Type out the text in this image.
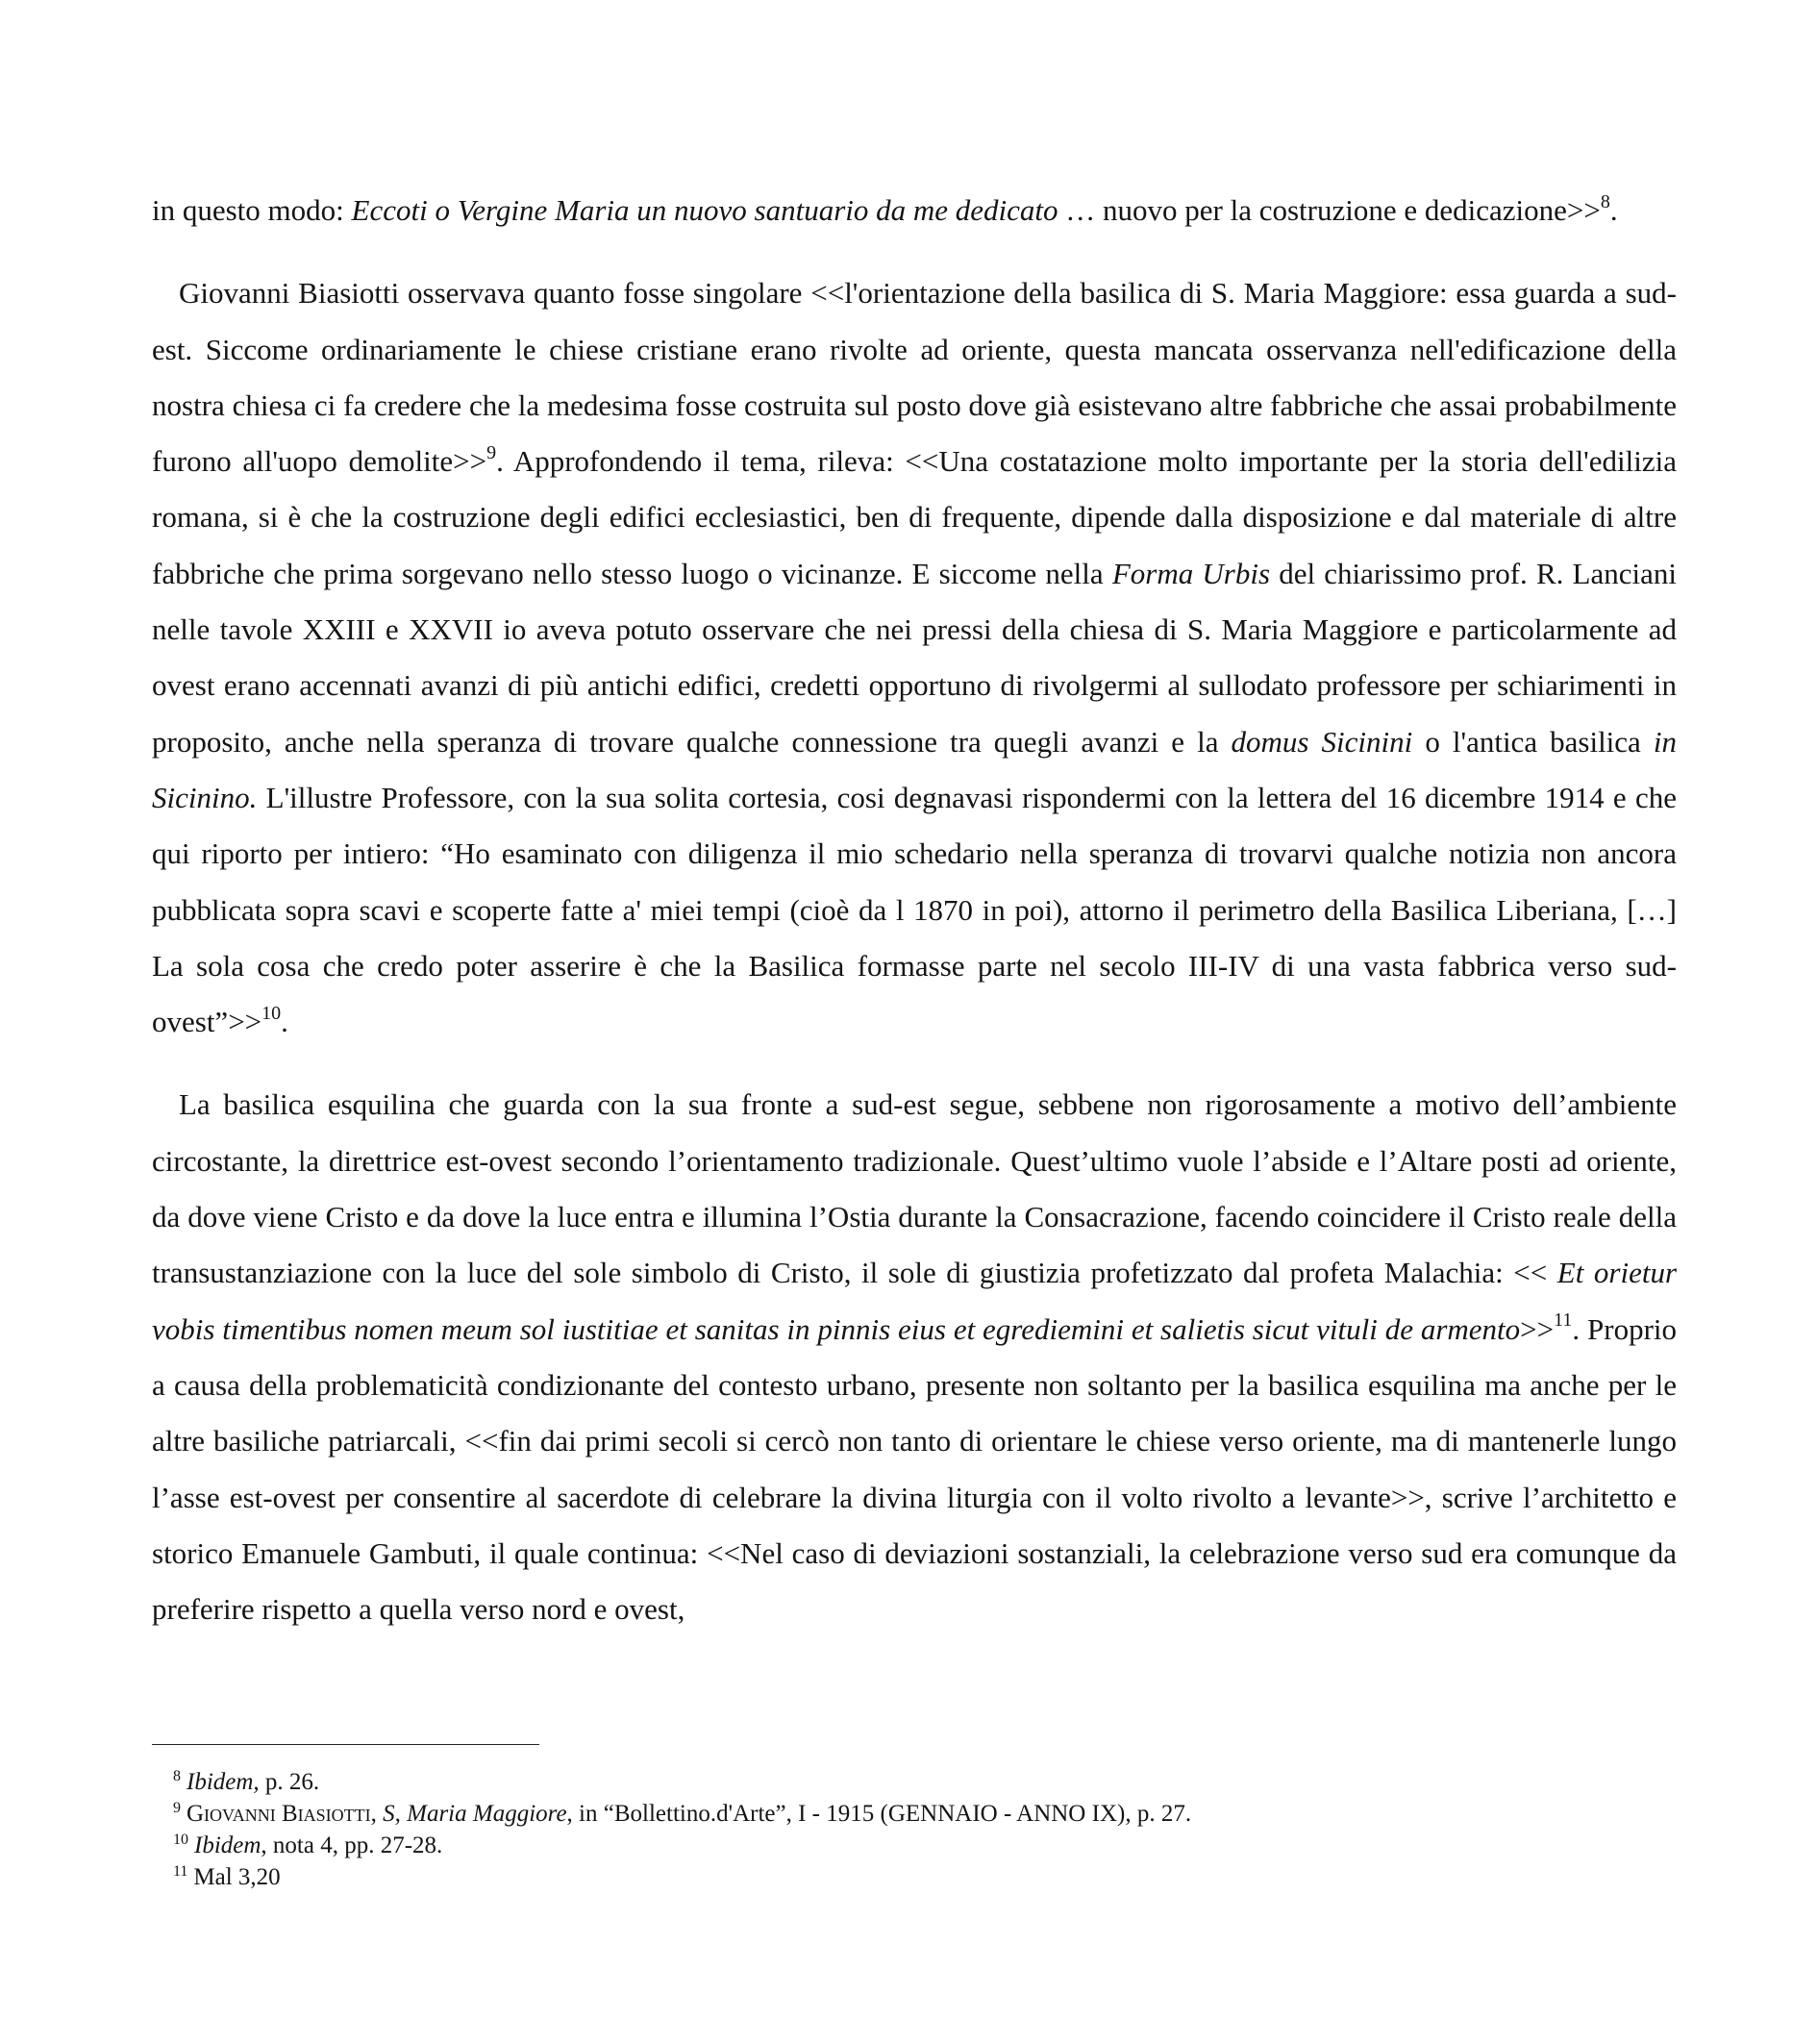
in questo modo: Eccoti o Vergine Maria un nuovo santuario da me dedicato … nuovo per la costruzione e dedicazione>>$^8$.

Giovanni Biasiotti osservava quanto fosse singolare <<l'orientazione della basilica di S. Maria Maggiore: essa guarda a sud-est. Siccome ordinariamente le chiese cristiane erano rivolte ad oriente, questa mancata osservanza nell'edificazione della nostra chiesa ci fa credere che la medesima fosse costruita sul posto dove già esistevano altre fabbriche che assai probabilmente furono all'uopo demolite>>$^9$. Approfondendo il tema, rileva: <<Una costatazione molto importante per la storia dell'edilizia romana, si è che la costruzione degli edifici ecclesiastici, ben di frequente, dipende dalla disposizione e dal materiale di altre fabbriche che prima sorgevano nello stesso luogo o vicinanze. E siccome nella Forma Urbis del chiarissimo prof. R. Lanciani nelle tavole XXIII e XXVII io aveva potuto osservare che nei pressi della chiesa di S. Maria Maggiore e particolarmente ad ovest erano accennati avanzi di più antichi edifici, credetti opportuno di rivolgermi al sullodato professore per schiarimenti in proposito, anche nella speranza di trovare qualche connessione tra quegli avanzi e la domus Sicinini o l'antica basilica in Sicinino. L'illustre Professore, con la sua solita cortesia, cosi degnavasi rispondermi con la lettera del 16 dicembre 1914 e che qui riporto per intiero: “Ho esaminato con diligenza il mio schedario nella speranza di trovarvi qualche notizia non ancora pubblicata sopra scavi e scoperte fatte a' miei tempi (cioè da l 1870 in poi), attorno il perimetro della Basilica Liberiana, […] La sola cosa che credo poter asserire è che la Basilica formasse parte nel secolo III-IV di una vasta fabbrica verso sud-ovest”>>$^{10}$.

La basilica esquilina che guarda con la sua fronte a sud-est segue, sebbene non rigorosamente a motivo dell’ambiente circostante, la direttrice est-ovest secondo l’orientamento tradizionale. Quest’ultimo vuole l’abside e l’Altare posti ad oriente, da dove viene Cristo e da dove la luce entra e illumina l’Ostia durante la Consacrazione, facendo coincidere il Cristo reale della transustanziazione con la luce del sole simbolo di Cristo, il sole di giustizia profetizzato dal profeta Malachia: << Et orietur vobis timentibus nomen meum sol iustitiae et sanitas in pinnis eius et egrediemini et salietis sicut vituli de armento>>$^{11}$. Proprio a causa della problematicità condizionante del contesto urbano, presente non soltanto per la basilica esquilina ma anche per le altre basiliche patriarcali, <<fin dai primi secoli si cercò non tanto di orientare le chiese verso oriente, ma di mantenerle lungo l’asse est-ovest per consentire al sacerdote di celebrare la divina liturgia con il volto rivolto a levante>>, scrive l’architetto e storico Emanuele Gambuti, il quale continua: <<Nel caso di deviazioni sostanziali, la celebrazione verso sud era comunque da preferire rispetto a quella verso nord e ovest,

$^8$ Ibidem, p. 26.

$^9$ Giovanni Biasiotti, S, Maria Maggiore, in “Bollettino.d'Arte”, I - 1915 (GENNAIO - ANNO IX), p. 27.

$^{10}$ Ibidem, nota 4, pp. 27-28.

$^{11}$ Mal 3,20
